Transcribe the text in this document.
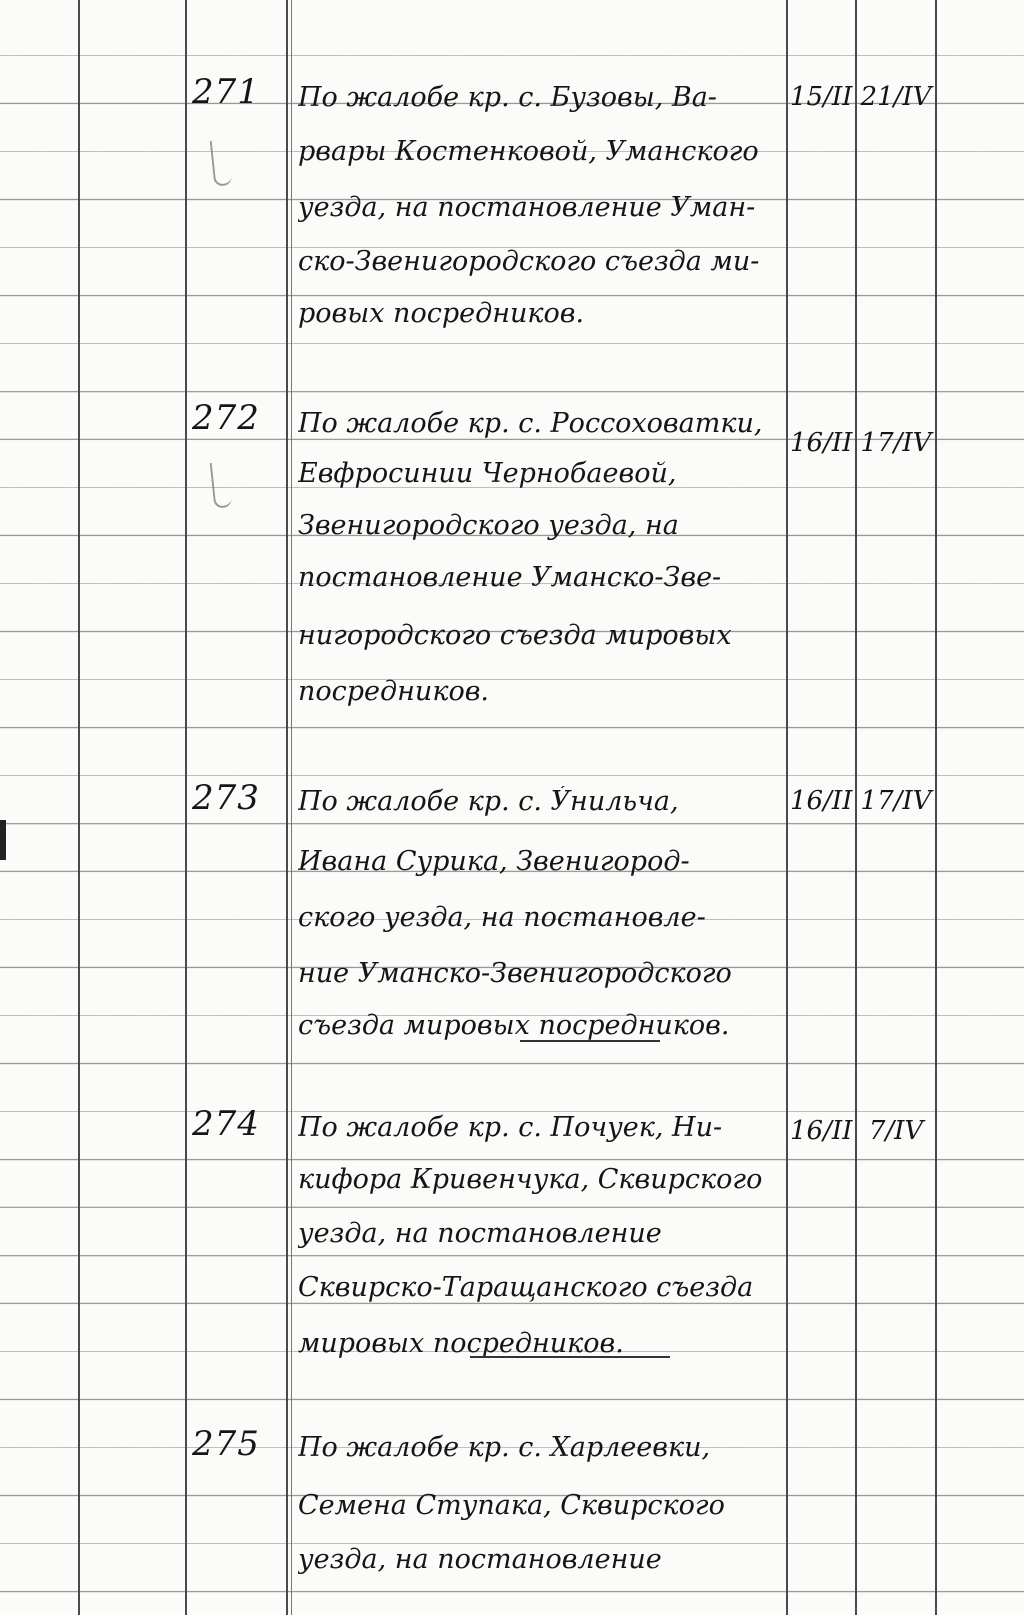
271	По жалобе кр. с. Бузовы, Ва-
рвары Костенковой, Уманского
уезда, на постановление Уман-
ско-Звенигородского съезда ми-
ровых посредников.
15/II 21/IV
272	По жалобе кр. с. Россоховатки,
Евфросинии Чернобаевой,
Звенигородского уезда, на
постановление Уманско-Зве-
нигородского съезда мировых
посредников.
16/II 17/IV
273	По жалобе кр. с. У́нильча,
Ивана Сурика, Звенигород-
ского уезда, на постановле-
ние Уманско-Звенигородского
съезда мировых посредников.
16/II 17/IV
274	По жалобе кр. с. Почуек, Ни-
кифора Кривенчука, Сквирского
уезда, на постановление
Сквирско-Таращанского съезда
мировых посредников.
16/II 7/IV
275	По жалобе кр. с. Харлеевки,
Семена Ступака, Сквирского
уезда, на постановление
